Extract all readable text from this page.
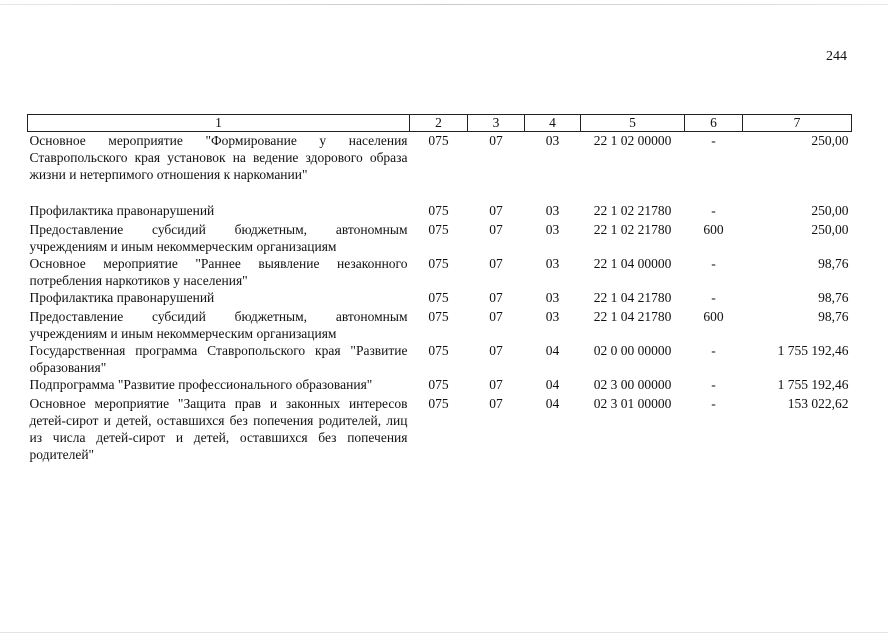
244
1	2	3	4	5	6	7
Основное мероприятие "Формирование у населения Ставропольского края установок на ведение здорового образа жизни и нетерпимого отношения к наркомании"	075	07	03	22 1 02 00000	-	250,00

Профилактика правонарушений	075	07	03	22 1 02 21780	-	250,00
Предоставление субсидий бюджетным, автономным учреждениям и иным некоммерческим организациям	075	07	03	22 1 02 21780	600	250,00
Основное мероприятие "Раннее выявление незаконного потребления наркотиков у населения"	075	07	03	22 1 04 00000	-	98,76
Профилактика правонарушений	075	07	03	22 1 04 21780	-	98,76
Предоставление субсидий бюджетным, автономным учреждениям и иным некоммерческим организациям	075	07	03	22 1 04 21780	600	98,76
Государственная программа Ставропольского края "Развитие образования"	075	07	04	02 0 00 00000	-	1 755 192,46
Подпрограмма "Развитие профессионального образования"	075	07	04	02 3 00 00000	-	1 755 192,46
Основное мероприятие "Защита прав и законных интересов детей-сирот и детей, оставшихся без попечения родителей, лиц из числа детей-сирот и детей, оставшихся без попечения родителей"	075	07	04	02 3 01 00000	-	153 022,62
